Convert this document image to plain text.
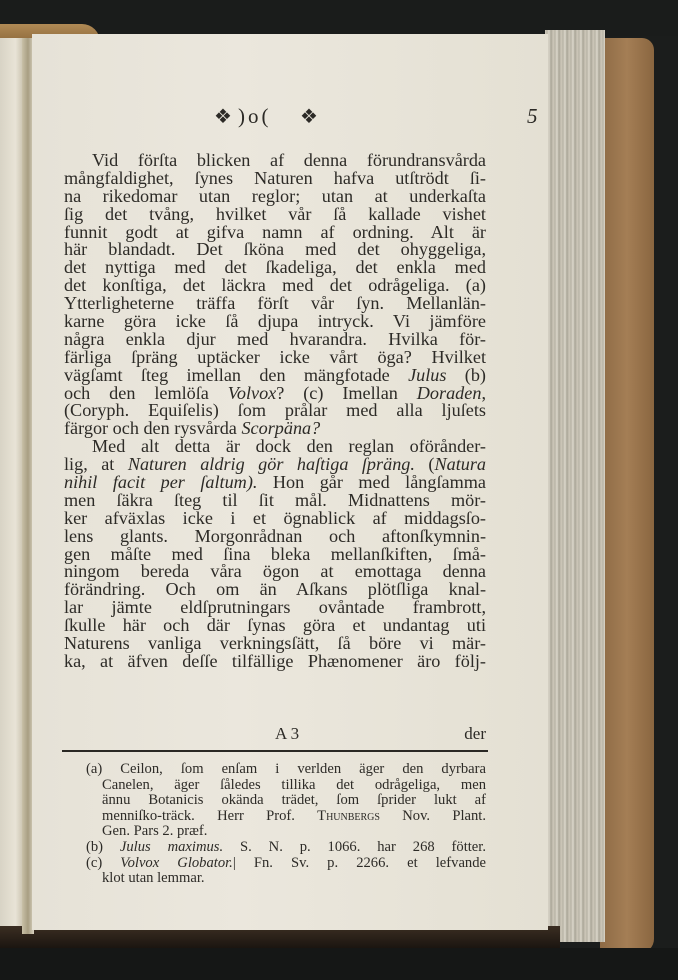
❖ )o( ❖	5
Vid förſta blicken af denna förundransvårda
mångfaldighet, ſynes Naturen hafva utſtrödt ſi-
na rikedomar utan reglor; utan at underkaſta
ſig det tvång, hvilket vår ſå kallade vishet
funnit godt at gifva namn af ordning. Alt är
här blandadt. Det ſköna med det ohyggeliga,
det nyttiga med det ſkadeliga, det enkla med
det konſtiga, det läckra med det odrågeliga. (a)
Ytterligheterne träffa förſt vår ſyn. Mellanlän-
karne göra icke ſå djupa intryck. Vi jämföre
några enkla djur med hvarandra. Hvilka för-
färliga ſpräng uptäcker icke vårt öga? Hvilket
vägſamt ſteg imellan den mängfotade Julus (b)
och den lemlöſa Volvox? (c) Imellan Doraden,
(Coryph. Equiſelis) ſom prålar med alla ljuſets
färgor och den rysvårda Scorpäna?
Med alt detta är dock den reglan oförånder-
lig, at Naturen aldrig gör haſtiga ſpräng. (Natura
nihil facit per ſaltum). Hon går med långſamma
men ſäkra ſteg til ſit mål. Midnattens mör-
ker afväxlas icke i et ögnablick af middagsſo-
lens glants. Morgonrådnan och aftonſkymnin-
gen måſte med ſina bleka mellanſkiften, ſmå-
ningom bereda våra ögon at emottaga denna
förändring. Och om än Aſkans plötſliga knal-
lar jämte eldſprutningars ovåntade frambrott,
ſkulle här och där ſynas göra et undantag uti
Naturens vanliga verkningsſätt, ſå böre vi mär-
ka, at äfven deſſe tilfällige Phænomener äro följ-
A 3	der
(a) Ceilon, ſom enſam i verlden äger den dyrbara
Canelen, äger ſåledes tillika det odrågeliga, men
ännu Botanicis okända trädet, ſom ſprider lukt af
menniſko-träck. Herr Prof. Thunbergs Nov. Plant.
Gen. Pars 2. præf.
(b) Julus maximus. S. N. p. 1066. har 268 fötter.
(c) Volvox Globator.| Fn. Sv. p. 2266. et lefvande
klot utan lemmar.
